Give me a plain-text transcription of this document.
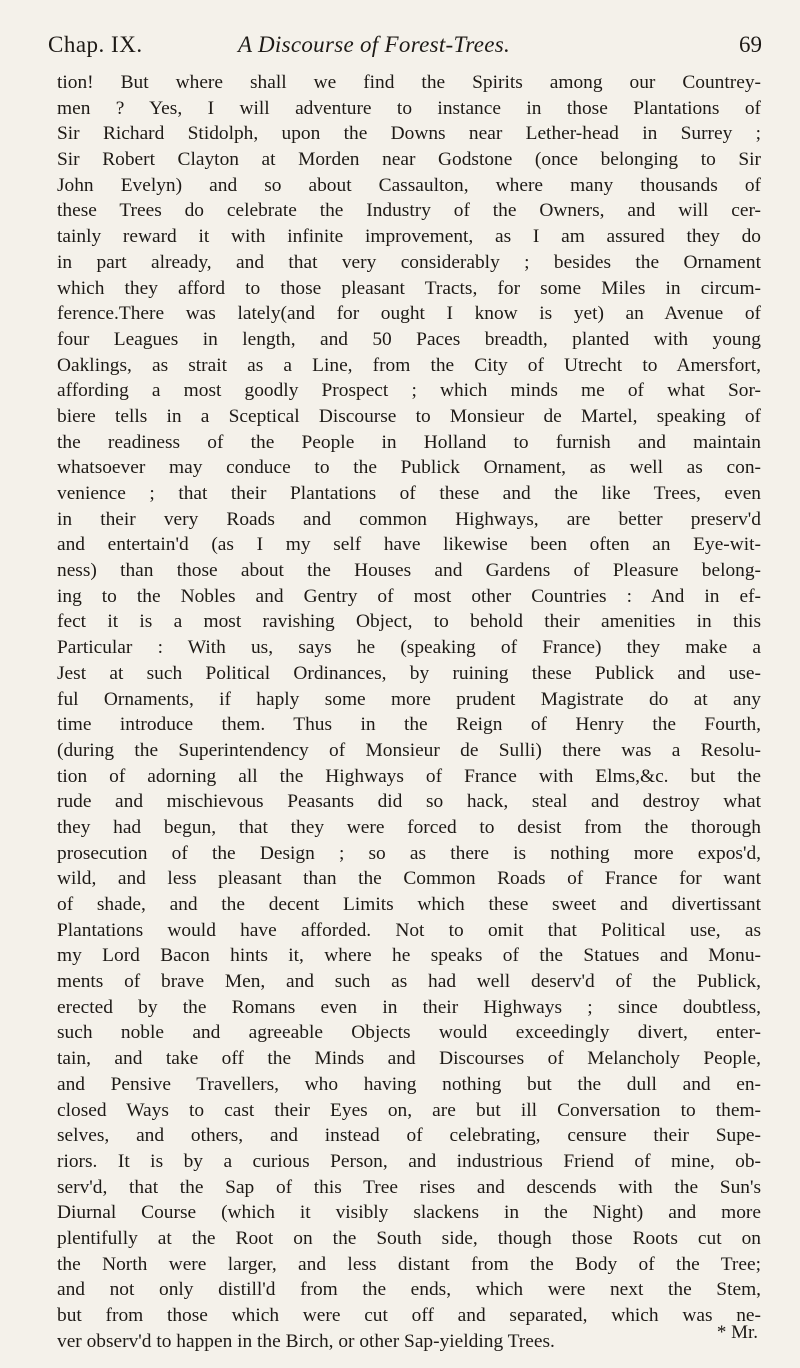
Chap. IX.	A Discourse of Forest-Trees.	69
tion! But where shall we find the Spirits among our Countrey-
men ? Yes, I will adventure to instance in those Plantations of
Sir Richard Stidolph, upon the Downs near Lether-head in Surrey ;
Sir Robert Clayton at Morden near Godstone (once belonging to Sir
John Evelyn) and so about Cassaulton, where many thousands of
these Trees do celebrate the Industry of the Owners, and will cer-
tainly reward it with infinite improvement, as I am assured they do
in part already, and that very considerably ; besides the Ornament
which they afford to those pleasant Tracts, for some Miles in circum-
ference.There was lately(and for ought I know is yet) an Avenue of
four Leagues in length, and 50 Paces breadth, planted with young
Oaklings, as strait as a Line, from the City of Utrecht to Amersfort,
affording a most goodly Prospect ; which minds me of what Sor-
biere tells in a Sceptical Discourse to Monsieur de Martel, speaking of
the readiness of the People in Holland to furnish and maintain
whatsoever may conduce to the Publick Ornament, as well as con-
venience ; that their Plantations of these and the like Trees, even
in their very Roads and common Highways, are better preserv'd
and entertain'd (as I my self have likewise been often an Eye-wit-
ness) than those about the Houses and Gardens of Pleasure belong-
ing to the Nobles and Gentry of most other Countries : And in ef-
fect it is a most ravishing Object, to behold their amenities in this
Particular : With us, says he (speaking of France) they make a
Jest at such Political Ordinances, by ruining these Publick and use-
ful Ornaments, if haply some more prudent Magistrate do at any
time introduce them. Thus in the Reign of Henry the Fourth,
(during the Superintendency of Monsieur de Sulli) there was a Resolu-
tion of adorning all the Highways of France with Elms,&c. but the
rude and mischievous Peasants did so hack, steal and destroy what
they had begun, that they were forced to desist from the thorough
prosecution of the Design ; so as there is nothing more expos'd,
wild, and less pleasant than the Common Roads of France for want
of shade, and the decent Limits which these sweet and divertissant
Plantations would have afforded. Not to omit that Political use, as
my Lord Bacon hints it, where he speaks of the Statues and Monu-
ments of brave Men, and such as had well deserv'd of the Publick,
erected by the Romans even in their Highways ; since doubtless,
such noble and agreeable Objects would exceedingly divert, enter-
tain, and take off the Minds and Discourses of Melancholy People,
and Pensive Travellers, who having nothing but the dull and en-
closed Ways to cast their Eyes on, are but ill Conversation to them-
selves, and others, and instead of celebrating, censure their Supe-
riors. It is by a curious Person, and industrious Friend of mine, ob-
serv'd, that the Sap of this Tree rises and descends with the Sun's
Diurnal Course (which it visibly slackens in the Night) and more
plentifully at the Root on the South side, though those Roots cut on
the North were larger, and less distant from the Body of the Tree;
and not only distill'd from the ends, which were next the Stem,
but from those which were cut off and separated, which was ne-
ver observ'd to happen in the Birch, or other Sap-yielding Trees.	* Mr.
